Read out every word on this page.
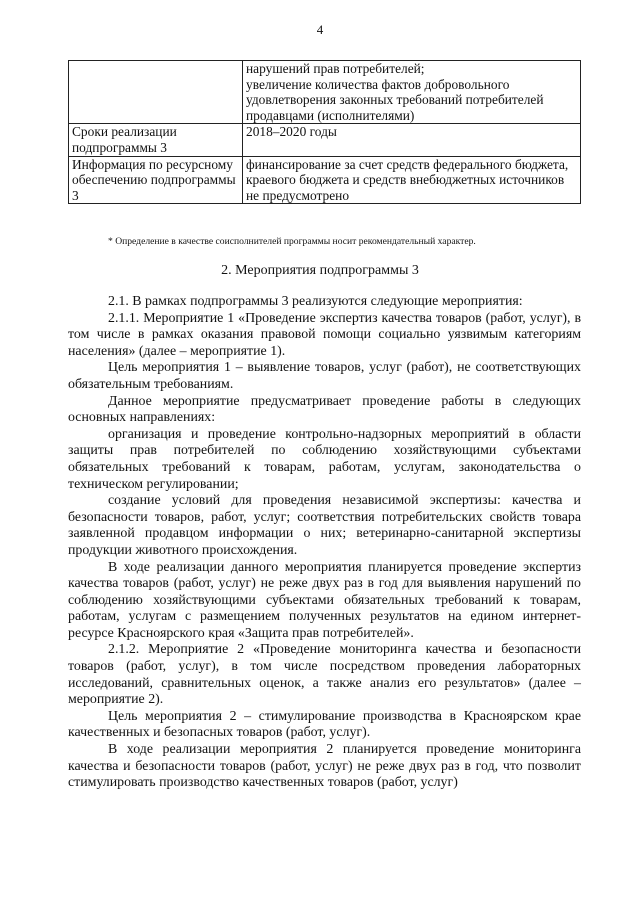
4

	нарушений прав потребителей;
увеличение количества фактов добровольного удовлетворения законных требований потребителей продавцами (исполнителями)

Сроки реализации подпрограммы 3	2018–2020 годы

Информация по ресурсному обеспечению подпрограммы 3	финансирование за счет средств федерального бюджета, краевого бюджета и средств внебюджетных источников не предусмотрено
* Определение в качестве соисполнителей программы носит рекомендательный характер.
2. Мероприятия подпрограммы 3

2.1. В рамках подпрограммы 3 реализуются следующие мероприятия:

2.1.1. Мероприятие 1 «Проведение экспертиз качества товаров (работ, услуг), в том числе в рамках оказания правовой помощи социально уязвимым категориям населения» (далее – мероприятие 1).

Цель мероприятия 1 – выявление товаров, услуг (работ), не соответствующих обязательным требованиям.

Данное мероприятие предусматривает проведение работы в следующих основных направлениях:

организация и проведение контрольно-надзорных мероприятий в области защиты прав потребителей по соблюдению хозяйствующими субъектами обязательных требований к товарам, работам, услугам, законодательства о техническом регулировании;

создание условий для проведения независимой экспертизы: качества и безопасности товаров, работ, услуг; соответствия потребительских свойств товара заявленной продавцом информации о них; ветеринарно-санитарной экспертизы продукции животного происхождения.

В ходе реализации данного мероприятия планируется проведение экспертиз качества товаров (работ, услуг) не реже двух раз в год для выявления нарушений по соблюдению хозяйствующими субъектами обязательных требований к товарам, работам, услугам с размещением полученных результатов на едином интернет-ресурсе Красноярского края «Защита прав потребителей».

2.1.2. Мероприятие 2 «Проведение мониторинга качества и безопасности товаров (работ, услуг), в том числе посредством проведения лабораторных исследований, сравнительных оценок, а также анализ его результатов» (далее – мероприятие 2).

Цель мероприятия 2 – стимулирование производства в Красноярском крае качественных и безопасных товаров (работ, услуг).

В ходе реализации мероприятия 2 планируется проведение мониторинга качества и безопасности товаров (работ, услуг) не реже двух раз в год, что позволит стимулировать производство качественных товаров (работ, услуг)
